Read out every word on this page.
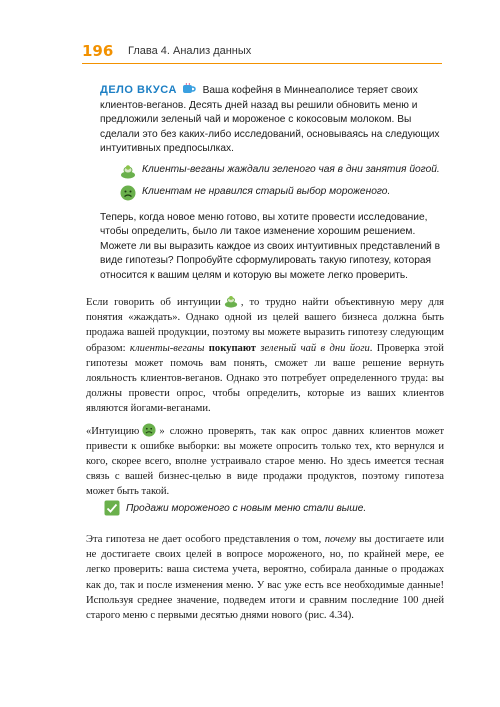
196 Глава 4. Анализ данных

ДЕЛО ВКУСА	Ваша кофейня в Миннеаполисе теряет своих клиентов-веганов. Десять дней назад вы решили обновить меню и предложили зеленый чай и мороженое с кокосовым молоком. Вы сделали это без каких-либо исследований, основываясь на следующих интуитивных предпосылках.

Клиенты-веганы жаждали зеленого чая в дни занятия йогой.
Клиентам не нравился старый выбор мороженого.

Теперь, когда новое меню готово, вы хотите провести исследование, чтобы определить, было ли такое изменение хорошим решением. Можете ли вы выразить каждое из своих интуитивных представлений в виде гипотезы? Попробуйте сформулировать такую гипотезу, которая относится к вашим целям и которую вы можете легко проверить.

Если говорить об интуиции , то трудно найти объективную меру для понятия «жаждать». Однако одной из целей вашего бизнеса должна быть продажа вашей продукции, поэтому вы можете выразить гипотезу следующим образом: клиенты-веганы покупают зеленый чай в дни йоги. Проверка этой гипотезы может помочь вам понять, сможет ли ваше решение вернуть лояльность клиентов-веганов. Однако это потребует определенного труда: вы должны провести опрос, чтобы определить, которые из ваших клиентов являются йогами-веганами.

«Интуицию » сложно проверять, так как опрос давних клиентов может привести к ошибке выборки: вы можете опросить только тех, кто вернулся и кого, скорее всего, вполне устраивало старое меню. Но здесь имеется тесная связь с вашей бизнес-целью в виде продажи продуктов, поэтому гипотеза может быть такой.

Продажи мороженого с новым меню стали выше.

Эта гипотеза не дает особого представления о том, почему вы достигаете или не достигаете своих целей в вопросе мороженого, но, по крайней мере, ее легко проверить: ваша система учета, вероятно, собирала данные о продажах как до, так и после изменения меню. У вас уже есть все необходимые данные! Используя среднее значение, подведем итоги и сравним последние 100 дней старого меню с первыми десятью днями нового (рис. 4.34).
